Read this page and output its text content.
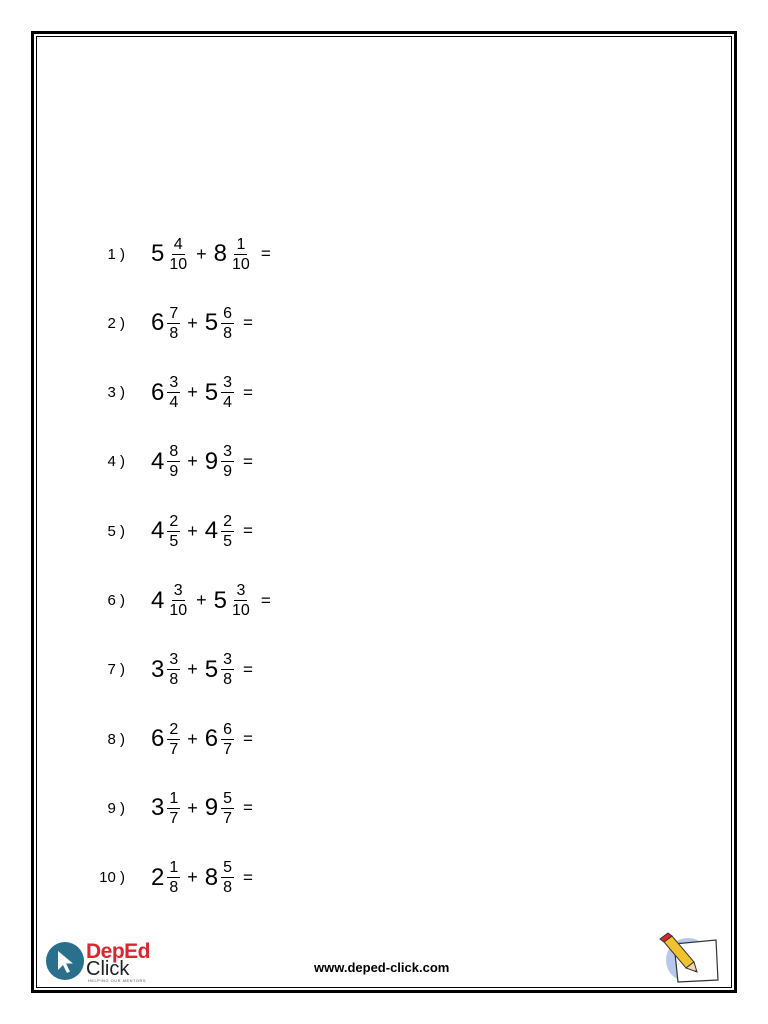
1 ) $5 \frac{4}{10} + 8 \frac{1}{10}$ =
2 ) $6 \frac{7}{8} + 5 \frac{6}{8}$ =
3 ) $6 \frac{3}{4} + 5 \frac{3}{4}$ =
4 ) $4 \frac{8}{9} + 9 \frac{3}{9}$ =
5 ) $4 \frac{2}{5} + 4 \frac{2}{5}$ =
6 ) $4 \frac{3}{10} + 5 \frac{3}{10}$ =
7 ) $3 \frac{3}{8} + 5 \frac{3}{8}$ =
8 ) $6 \frac{2}{7} + 6 \frac{6}{7}$ =
9 ) $3 \frac{1}{7} + 9 \frac{5}{7}$ =
10 ) $2 \frac{1}{8} + 8 \frac{5}{8}$ =
DepEd
Click
HELPING OUR MENTORS
www.deped-click.com
